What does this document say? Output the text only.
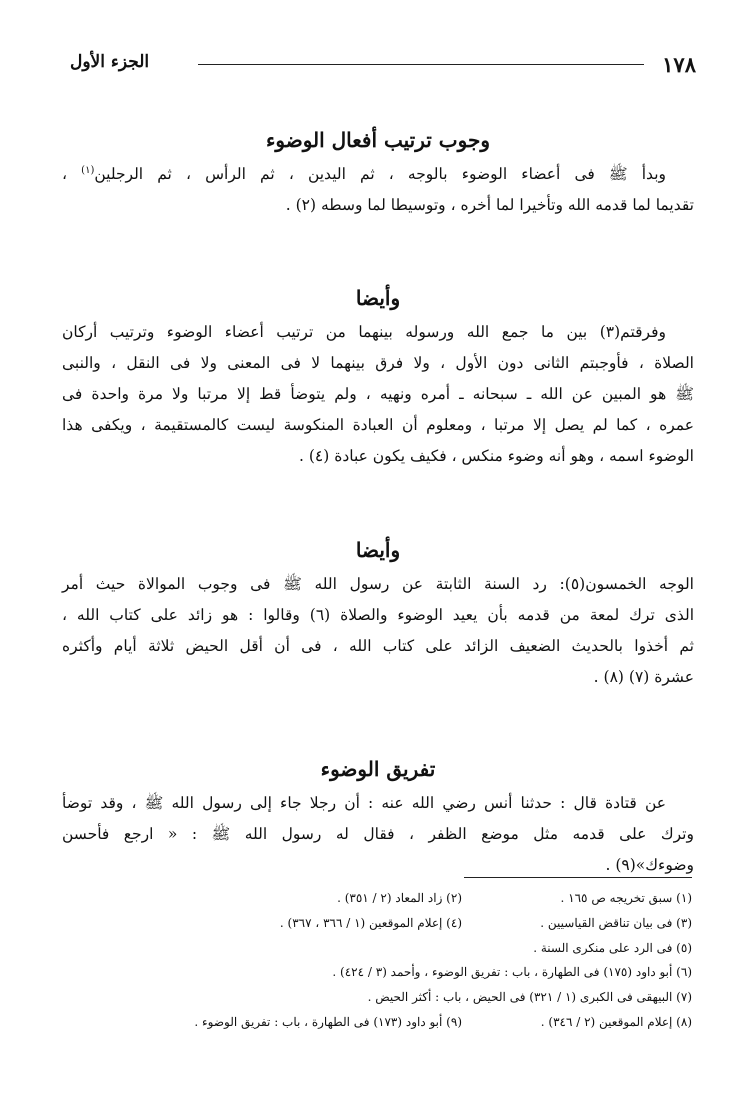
١٧٨
الجزء الأول
وجوب ترتيب أفعال الوضوء
وبدأ ﷺ فى أعضاء الوضوء بالوجه ، ثم اليدين ، ثم الرأس ، ثم الرجلين$^{(١)}$ ،
تقديما لما قدمه الله وتأخيرا لما أخره ، وتوسيطا لما وسطه (٢) .
وأيضا
وفرقتم(٣) بين ما جمع الله ورسوله بينهما من ترتيب أعضاء الوضوء وترتيب أركان
الصلاة ، فأوجبتم الثانى دون الأول ، ولا فرق بينهما لا فى المعنى ولا فى النقل ، والنبى
ﷺ هو المبين عن الله ـ سبحانه ـ أمره ونهيه ، ولم يتوضأ قط إلا مرتبا ولا مرة واحدة فى
عمره ، كما لم يصل إلا مرتبا ، ومعلوم أن العبادة المنكوسة ليست كالمستقيمة ، ويكفى هذا
الوضوء اسمه ، وهو أنه وضوء منكس ، فكيف يكون عبادة (٤) .
وأيضا
الوجه الخمسون(٥): رد السنة الثابتة عن رسول الله ﷺ فى وجوب الموالاة حيث أمر
الذى ترك لمعة من قدمه بأن يعيد الوضوء والصلاة (٦) وقالوا : هو زائد على كتاب الله ،
ثم أخذوا بالحديث الضعيف الزائد على كتاب الله ، فى أن أقل الحيض ثلاثة أيام وأكثره
عشرة (٧) (٨) .
تفريق الوضوء
عن قتادة قال : حدثنا أنس رضي الله عنه : أن رجلا جاء إلى رسول الله ﷺ ، وقد توضأ
وترك على قدمه مثل موضع الظفر ، فقال له رسول الله ﷺ : « ارجع فأحسن
وضوءك»(٩) .
(١) سبق تخريجه ص ١٦٥ .
(٢) زاد المعاد (٢ / ٣٥١) .
(٣) فى بيان تناقض القياسيين .
(٤) إعلام الموقعين (١ / ٣٦٦ ، ٣٦٧) .
(٥) فى الرد على منكرى السنة .
(٦) أبو داود (١٧٥) فى الطهارة ، باب : تفريق الوضوء ، وأحمد (٣ / ٤٢٤) .
(٧) البيهقى فى الكبرى (١ / ٣٢١) فى الحيض ، باب : أكثر الحيض .
(٨) إعلام الموقعين (٢ / ٣٤٦) .
(٩) أبو داود (١٧٣) فى الطهارة ، باب : تفريق الوضوء .
